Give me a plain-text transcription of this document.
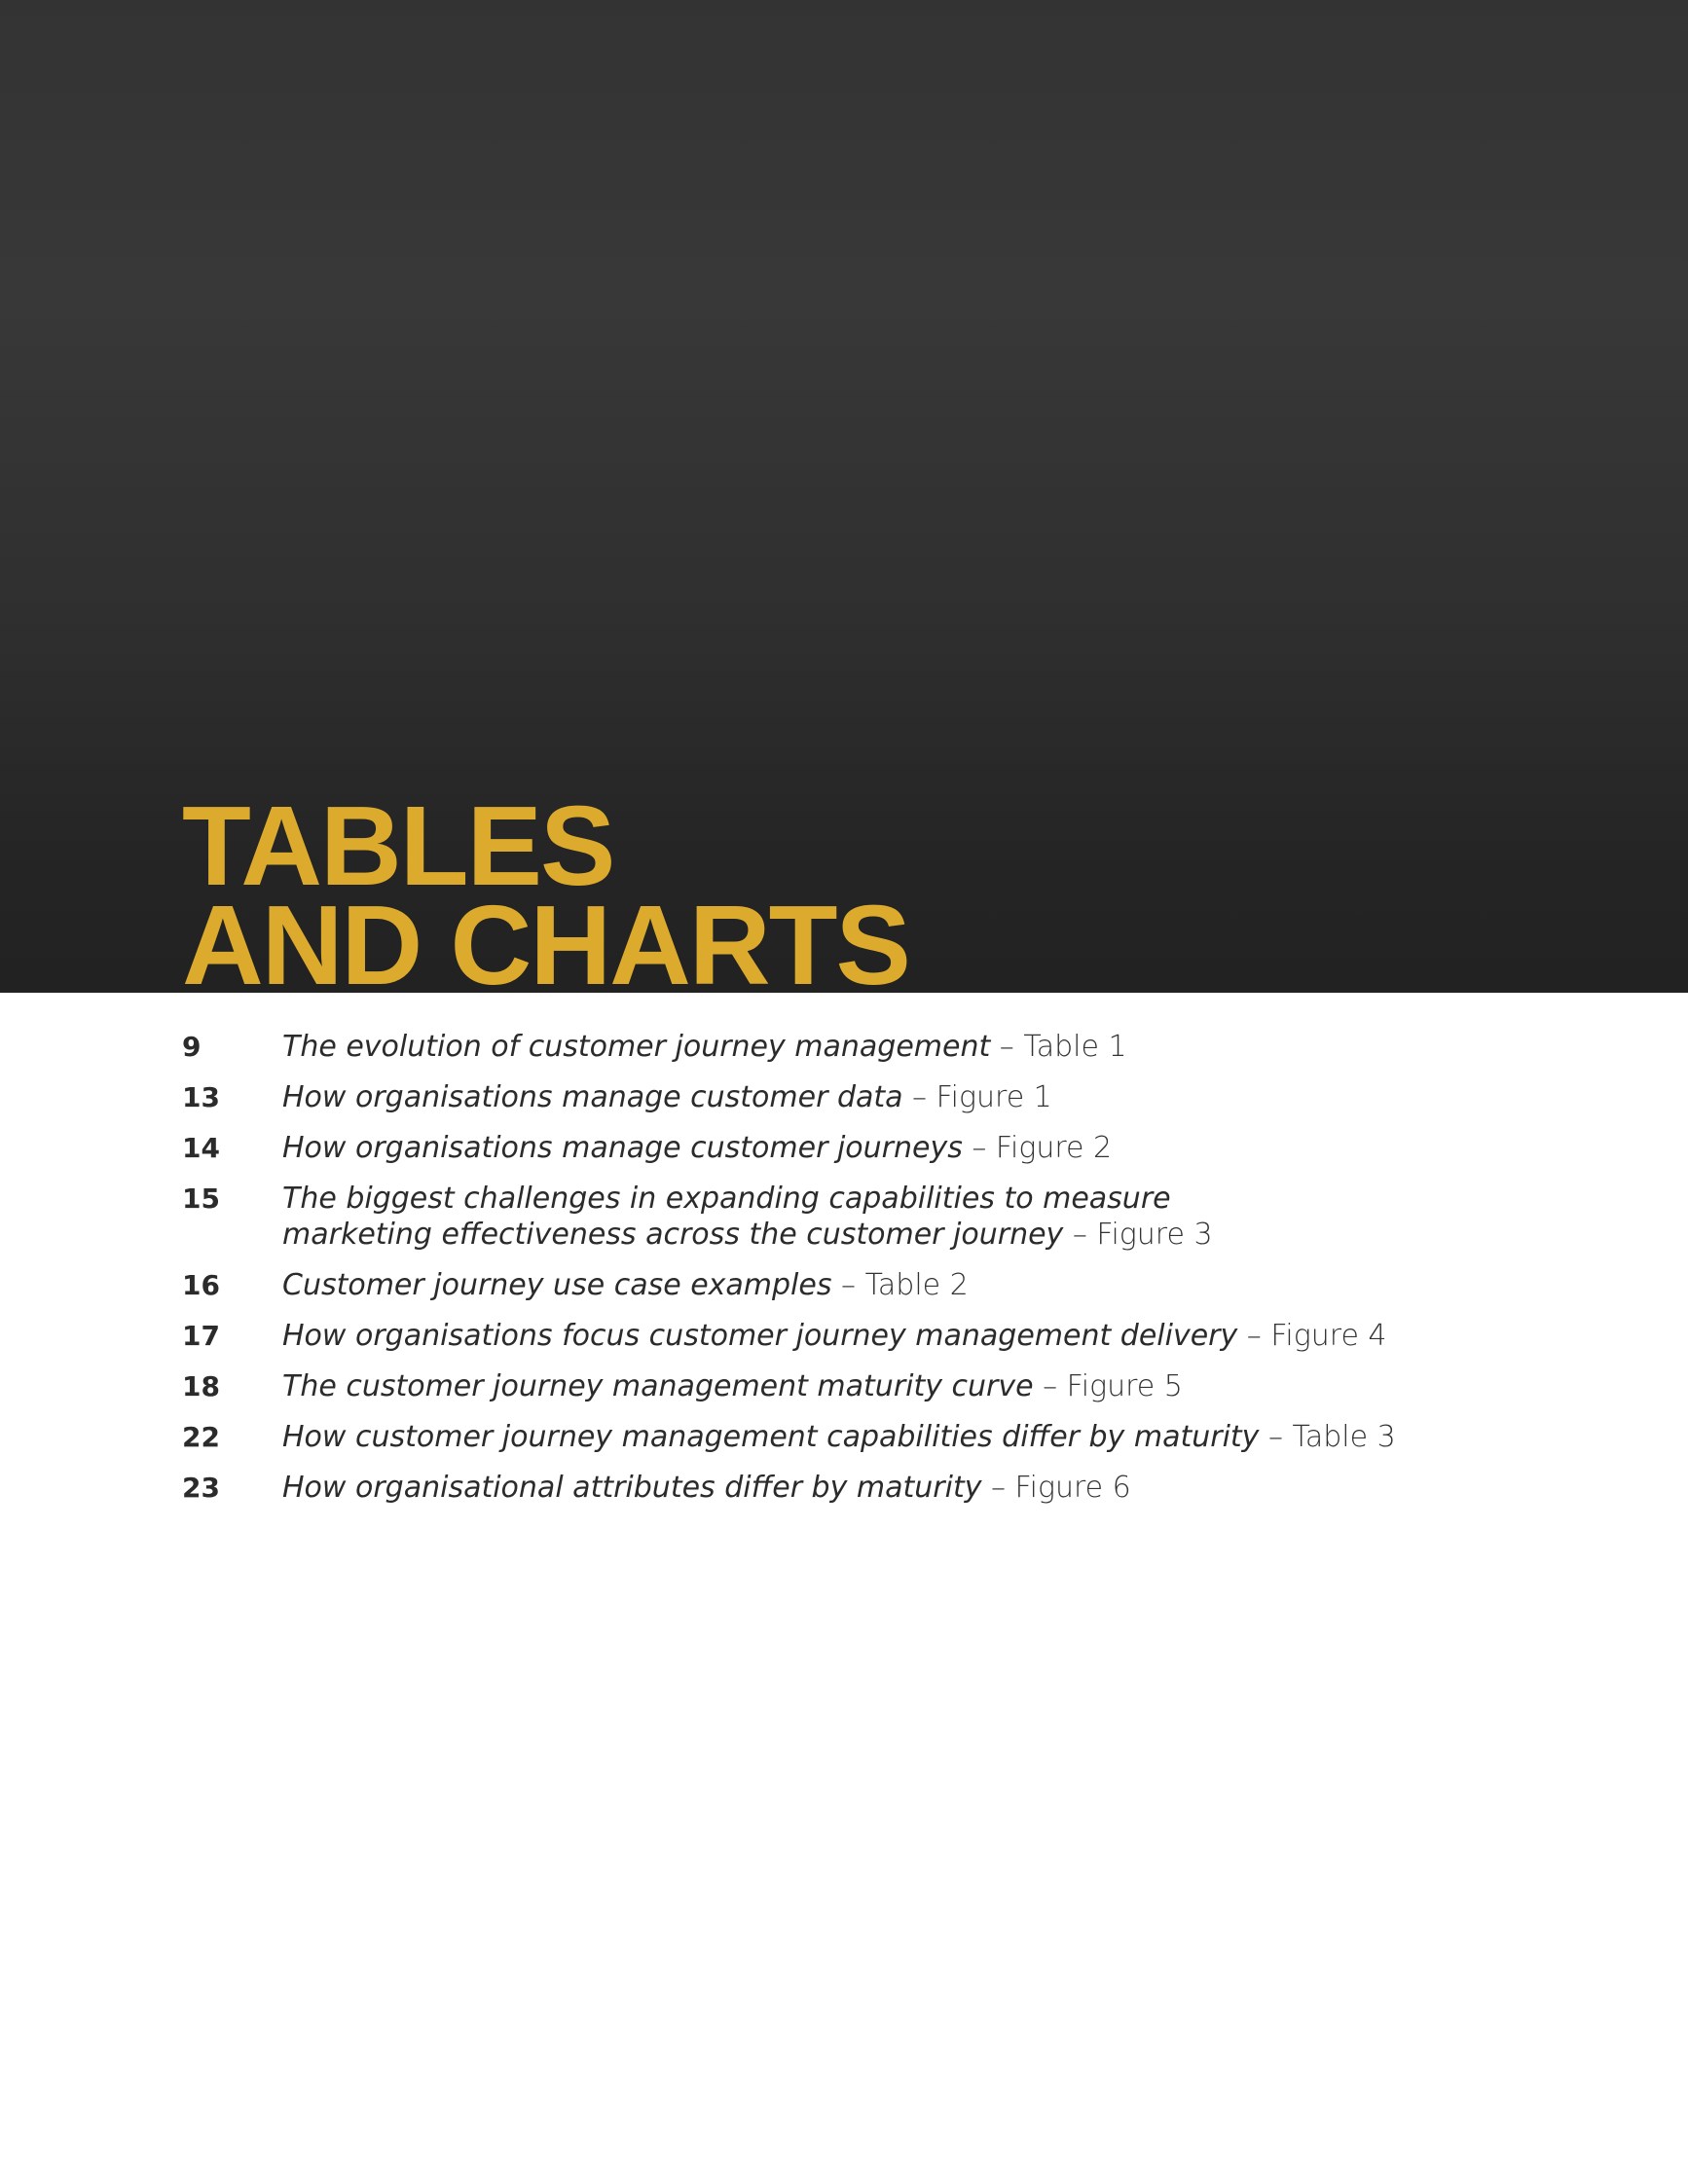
TABLES
AND CHARTS
9	The evolution of customer journey management – Table 1
13	How organisations manage customer data – Figure 1
14	How organisations manage customer journeys – Figure 2
15	The biggest challenges in expanding capabilities to measure marketing effectiveness across the customer journey – Figure 3
16	Customer journey use case examples – Table 2
17	How organisations focus customer journey management delivery – Figure 4
18	The customer journey management maturity curve – Figure 5
22	How customer journey management capabilities differ by maturity – Table 3
23	How organisational attributes differ by maturity – Figure 6
